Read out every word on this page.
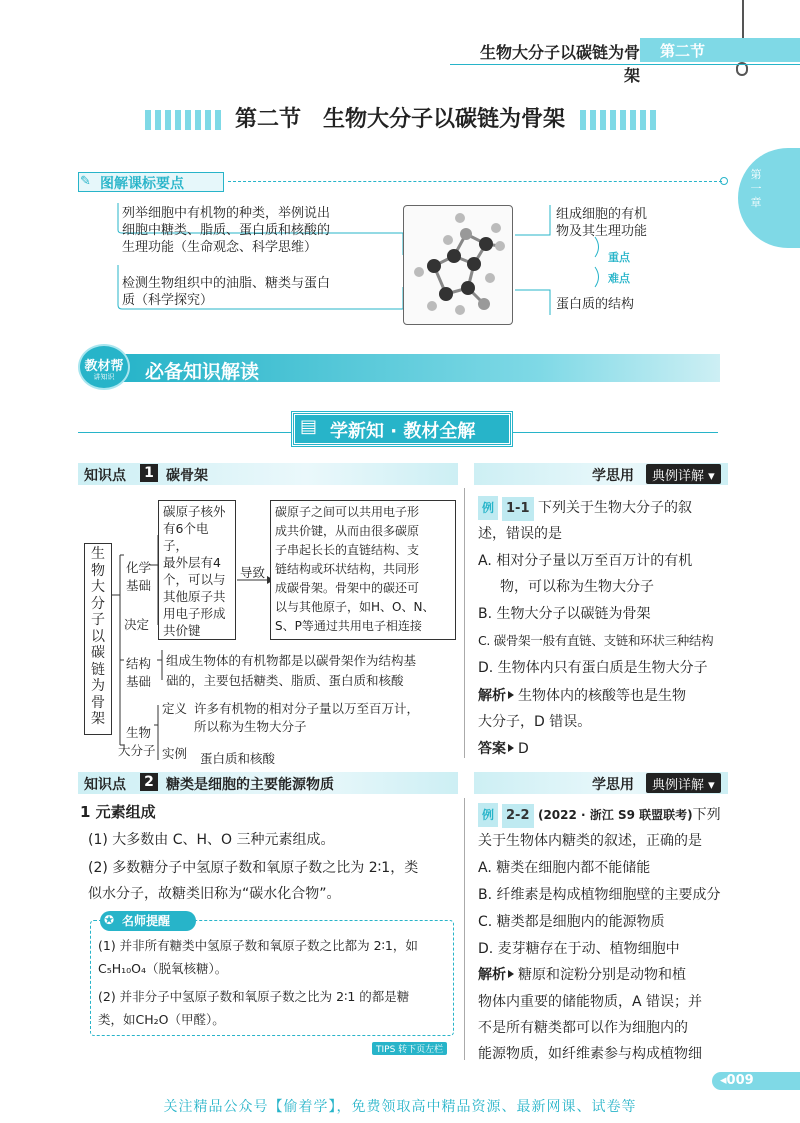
生物大分子以碳链为骨架
第二节
第二节　生物大分子以碳链为骨架
第一章
✎ 图解课标要点
列举细胞中有机物的种类，举例说出
细胞中糖类、脂质、蛋白质和核酸的
生理功能（生命观念、科学思维）
检测生物组织中的油脂、糖类与蛋白
质（科学探究）
组成细胞的有机
物及其生理功能
重点
难点
蛋白质的结构
教材帮
讲知识	必备知识解读
▤ 学新知 · 教材全解
知识点 1 碳骨架	学思用	典例详解 ▾
生
物
大
分
子
以
碳
链
为
骨
架
化学
基础
决定
碳原子核外
有6个电子，
最外层有4
个，可以与
其他原子共
用电子形成
共价键
导致
碳原子之间可以共用电子形
成共价键，从而由很多碳原
子串起长长的直链结构、支
链结构或环状结构，共同形
成碳骨架。骨架中的碳还可
以与其他原子，如H、O、N、
S、P等通过共用电子相连接
结构
基础
组成生物体的有机物都是以碳骨架作为结构基
础的，主要包括糖类、脂质、蛋白质和核酸
生物
大分子
定义 许多有机物的相对分子量以万至百万计，
所以称为生物大分子
实例 蛋白质和核酸
例 1-1 下列关于生物大分子的叙
述，错误的是
A. 相对分子量以万至百万计的有机
物，可以称为生物大分子
B. 生物大分子以碳链为骨架
C. 碳骨架一般有直链、支链和环状三种结构
D. 生物体内只有蛋白质是生物大分子
解析 生物体内的核酸等也是生物
大分子，D 错误。
答案 D
知识点 2 糖类是细胞的主要能源物质	学思用	典例详解 ▾
1 元素组成
(1) 大多数由 C、H、O 三种元素组成。
(2) 多数糖分子中氢原子数和氧原子数之比为 2∶1，类
似水分子，故糖类旧称为“碳水化合物”。
名师提醒
✪
(1) 并非所有糖类中氢原子数和氧原子数之比都为 2∶1，如
C₅H₁₀O₄（脱氧核糖）。
(2) 并非分子中氢原子数和氧原子数之比为 2∶1 的都是糖
类，如CH₂O（甲醛）。
TIPS 转下页左栏
例 2-2 (2022 · 浙江 S9 联盟联考)下列
关于生物体内糖类的叙述，正确的是
A. 糖类在细胞内都不能储能
B. 纤维素是构成植物细胞壁的主要成分
C. 糖类都是细胞内的能源物质
D. 麦芽糖存在于动、植物细胞中
解析 糖原和淀粉分别是动物和植
物体内重要的储能物质，A 错误；并
不是所有糖类都可以作为细胞内的
能源物质，如纤维素参与构成植物细
◂009
关注精品公众号【偷着学】，免费领取高中精品资源、最新网课、试卷等
